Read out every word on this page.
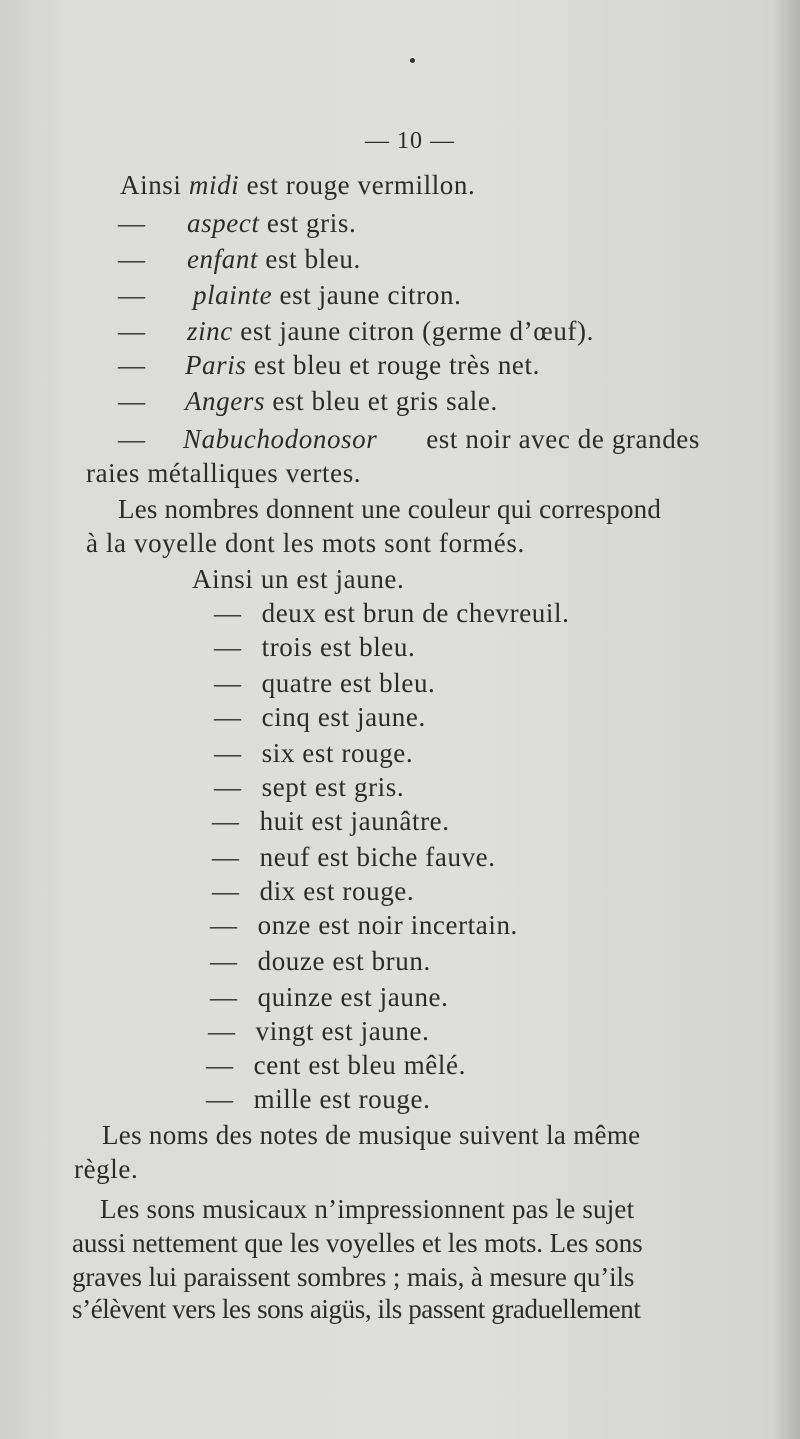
— 10 —
Ainsi midi est rouge vermillon.
— aspect est gris.
— enfant est bleu.
— plainte est jaune citron.
— zinc est jaune citron (germe d’œuf).
— Paris est bleu et rouge très net.
— Angers est bleu et gris sale.
— Nabuchodonosor est noir avec de grandes
raies métalliques vertes.
Les nombres donnent une couleur qui correspond
à la voyelle dont les mots sont formés.
Ainsi un est jaune.
— deux est brun de chevreuil.
— trois est bleu.
— quatre est bleu.
— cinq est jaune.
— six est rouge.
— sept est gris.
— huit est jaunâtre.
— neuf est biche fauve.
— dix est rouge.
— onze est noir incertain.
— douze est brun.
— quinze est jaune.
— vingt est jaune.
— cent est bleu mêlé.
— mille est rouge.
Les noms des notes de musique suivent la même
règle.
Les sons musicaux n’impressionnent pas le sujet
aussi nettement que les voyelles et les mots. Les sons
graves lui paraissent sombres ; mais, à mesure qu’ils
s’élèvent vers les sons aigüs, ils passent graduellement
